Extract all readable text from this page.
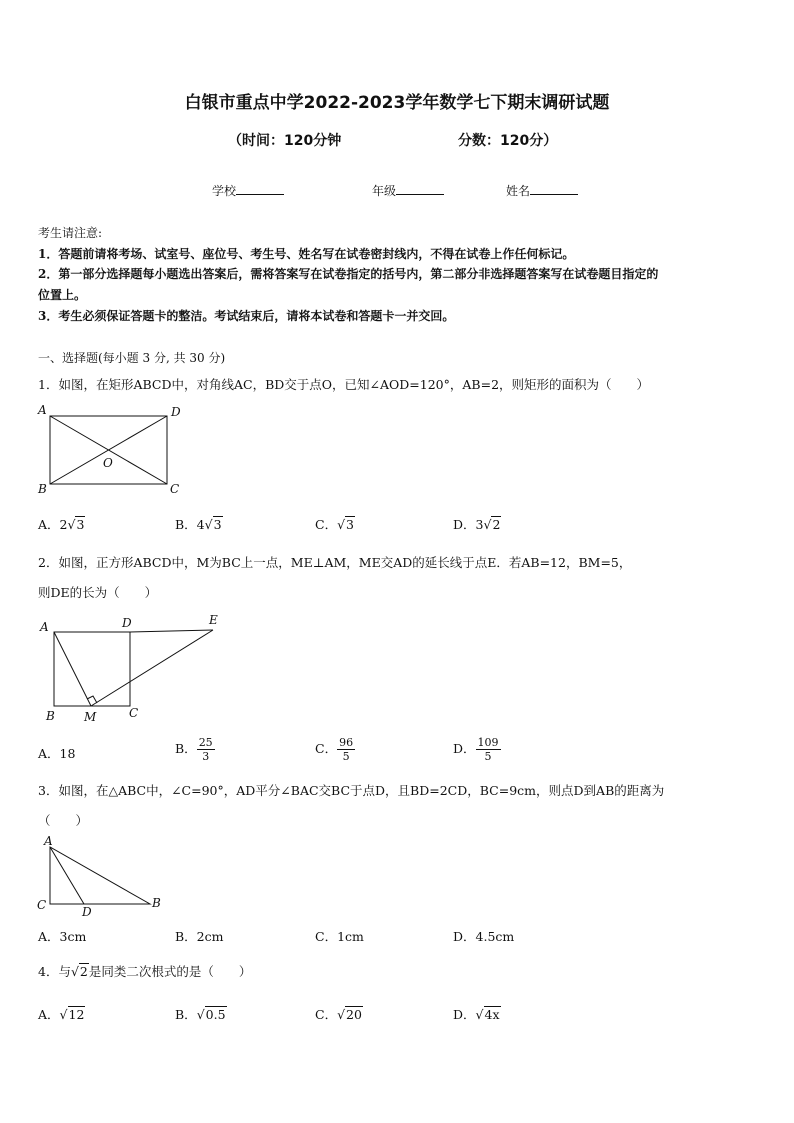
白银市重点中学2022-2023学年数学七下期末调研试题
（时间：120分钟	分数：120分）
学校	年级	姓名
考生请注意:
1．答题前请将考场、试室号、座位号、考生号、姓名写在试卷密封线内，不得在试卷上作任何标记。
2．第一部分选择题每小题选出答案后，需将答案写在试卷指定的括号内，第二部分非选择题答案写在试卷题目指定的
位置上。
3．考生必须保证答题卡的整洁。考试结束后，请将本试卷和答题卡一并交回。
一、选择题(每小题 3 分, 共 30 分)
1．如图，在矩形ABCD中，对角线AC，BD交于点O，已知∠AOD=120°，AB=2，则矩形的面积为（　　）
A	D
O
B	C
A．2√3	B．4√3	C．√3	D．3√2
2．如图，正方形ABCD中，M为BC上一点，ME⊥AM，ME交AD的延长线于点E．若AB=12，BM=5，
则DE的长为（　　）
A	D	E
B M	C
A．18	B． $\frac{25}{3}$	C． $\frac{96}{5}$	D． $\frac{109}{5}$
3．如图，在△ABC中，∠C=90°，AD平分∠BAC交BC于点D，且BD=2CD，BC=9cm，则点D到AB的距离为
（　　）
A
C	D
B
A．3cm	B．2cm	C．1cm	D．4.5cm
4．与√2是同类二次根式的是（　　）
A．√12	B．√0.5	C．√20	D．√4x
